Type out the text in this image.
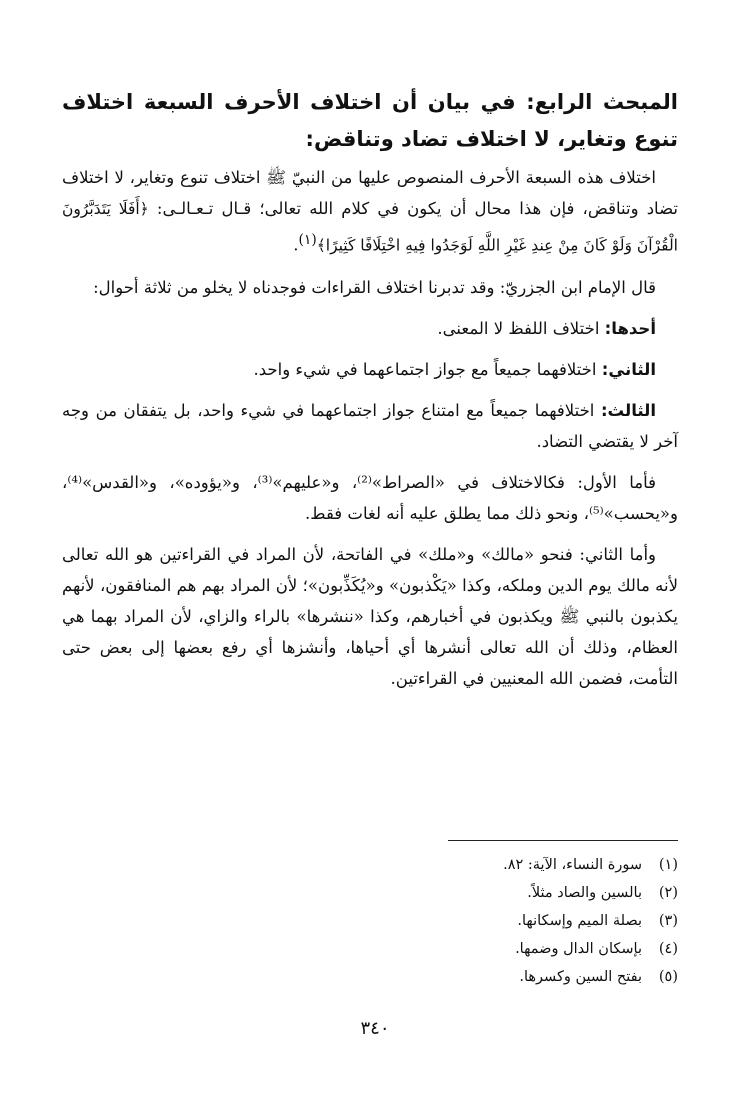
المبحث الرابع: في بيان أن اختلاف الأحرف السبعة اختلاف تنوع وتغاير، لا اختلاف تضاد وتناقض:

اختلاف هذه السبعة الأحرف المنصوص عليها من النبيّ ﷺ اختلاف تنوع وتغاير، لا اختلاف تضاد وتناقض، فإن هذا محال أن يكون في كلام الله تعالى؛ قـال تـعـالـى: ﴿أَفَلَا يَتَدَبَّرُونَ الْقُرْآنَ وَلَوْ كَانَ مِنْ عِندِ غَيْرِ اللَّهِ لَوَجَدُوا فِيهِ اخْتِلَافًا كَثِيرًا﴾$^{(١)}$.

قال الإمام ابن الجزريّ: وقد تدبرنا اختلاف القراءات فوجدناه لا يخلو من ثلاثة أحوال:

أحدها: اختلاف اللفظ لا المعنى.

الثاني: اختلافهما جميعاً مع جواز اجتماعهما في شيء واحد.

الثالث: اختلافهما جميعاً مع امتناع جواز اجتماعهما في شيء واحد، بل يتفقان من وجه آخر لا يقتضي التضاد.

فأما الأول: فكالاختلاف في «الصراط»⁽²⁾، و«عليهم»⁽³⁾، و«يؤوده»، و«القدس»⁽⁴⁾، و«يحسب»⁽⁵⁾، ونحو ذلك مما يطلق عليه أنه لغات فقط.

وأما الثاني: فنحو «مالك» و«ملك» في الفاتحة، لأن المراد في القراءتين هو الله تعالى لأنه مالك يوم الدين وملكه، وكذا «يَكْذبون» و«يُكَذِّبون»؛ لأن المراد بهم هم المنافقون، لأنهم يكذبون بالنبي ﷺ ويكذبون في أخبارهم، وكذا «ننشرها» بالراء والزاي، لأن المراد بهما هي العظام، وذلك أن الله تعالى أنشرها أي أحياها، وأنشزها أي رفع بعضها إلى بعض حتى التأمت، فضمن الله المعنيين في القراءتين.

(١)
سورة النساء، الآية: ٨٢.
(٢)
بالسين والصاد مثلاً.
(٣)
بصلة الميم وإسكانها.
(٤)
بإسكان الدال وضمها.
(٥)
بفتح السين وكسرها.
٣٤٠
